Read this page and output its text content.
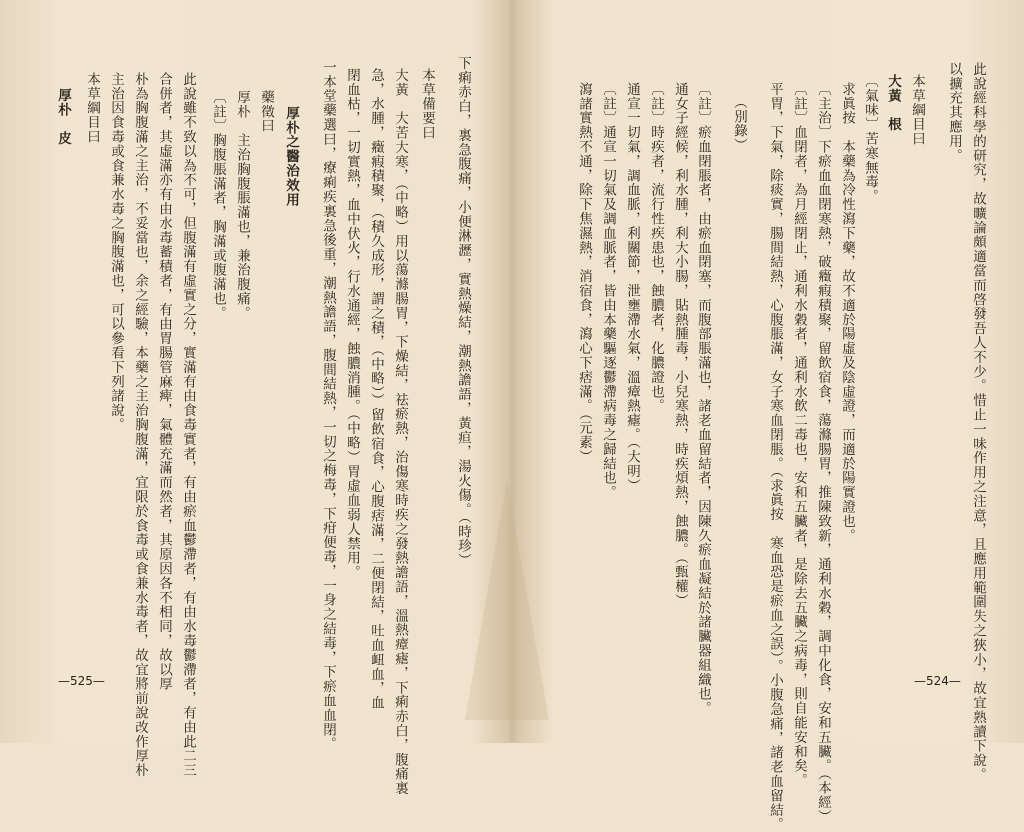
此說經科學的研究，故曠論頗適當而啓發吾人不少。惜止一味作用之注意，且應用範圍失之狹小，故宜熟讀下說。
以擴充其應用。
本草綱目曰
大黃　根
〔氣味〕苦寒無毒。
求眞按　本藥為冷性瀉下藥，故不適於陽虛及陰虛證，而適於陽實證也。
〔主治〕下瘀血血閉寒熱，破癥瘕積聚，留飲宿食，蕩滌腸胃，推陳致新，通利水穀，調中化食，安和五臟。（本經）
〔註〕血閉者，為月經閉止，通利水穀者，通利水飲二毒也，安和五臟者，是除去五臟之病毒，則自能安和矣。
平胃，下氣，除痰實，腸間結熱，心腹脹滿，女子寒血閉脹。（求眞按　寒血恐是瘀血之誤）。小腹急痛，諸老血留結。
（別錄）
〔註〕瘀血閉脹者，由瘀血閉塞，而腹部脹滿也，諸老血留結者，因陳久瘀血凝結於諸臟器組織也。
通女子經候，利水腫，利大小腸，貼熱腫毒，小兒寒熱，時疾煩熱，蝕膿。（甄權）
〔註〕時疾者，流行性疾患也，蝕膿者，化膿證也。
通宣一切氣，調血脈，利關節，泄壅滯水氣，溫瘴熱瘧。（大明）
〔註〕通宣一切氣及調血脈者，皆由本藥驅逐鬱滯病毒之歸結也。
瀉諸實熱不通，除下焦濕熱，消宿食，瀉心下痞滿。（元素）
—524—
下痢赤白，裏急腹痛，小便淋瀝，實熱燥結，潮熱譫語，黃疸，湯火傷。（時珍）
本草備要曰
大黃　大苦大寒，（中略）用以蕩滌腸胃，下燥結，祛瘀熱，治傷寒時疾之發熱譫語，溫熱瘴瘧，下痢赤白，腹痛裏
急，水腫，癥瘕積聚，（積久成形，謂之積，（中略））留飲宿食，心腹痞滿，二便閉結，吐血衄血，血
閉血枯，一切實熱，血中伏火，行水通經，蝕膿消腫。（中略）胃虛血弱人禁用。
一本堂藥選曰，療痢疾裏急後重，潮熱譫語，腹間結熱，一切之梅毒，下疳便毒，一身之結毒，下瘀血血閉。
厚朴之醫治效用
藥徵曰
厚朴　主治胸腹脹滿也，兼治腹痛。
〔註〕胸腹脹滿者，胸滿或腹滿也。
此說雖不致以為不可，但腹滿有虛實之分，實滿有由食毒實者，有由瘀血鬱滯者，有由水毒鬱滯者，有由此二三
合併者，其虛滿亦有由水毒蓄積者，有由胃腸管麻痺，氣體充滿而然者，其原因各不相同，故以厚
朴為胸腹滿之主治，不妥當也，余之經驗，本藥之主治胸腹滿，宜限於食毒或食兼水毒者，故宜將前說改作厚朴
主治因食毒或食兼水毒之胸腹滿也，可以參看下列諸說。
本草綱目曰
厚朴　皮
—525—
